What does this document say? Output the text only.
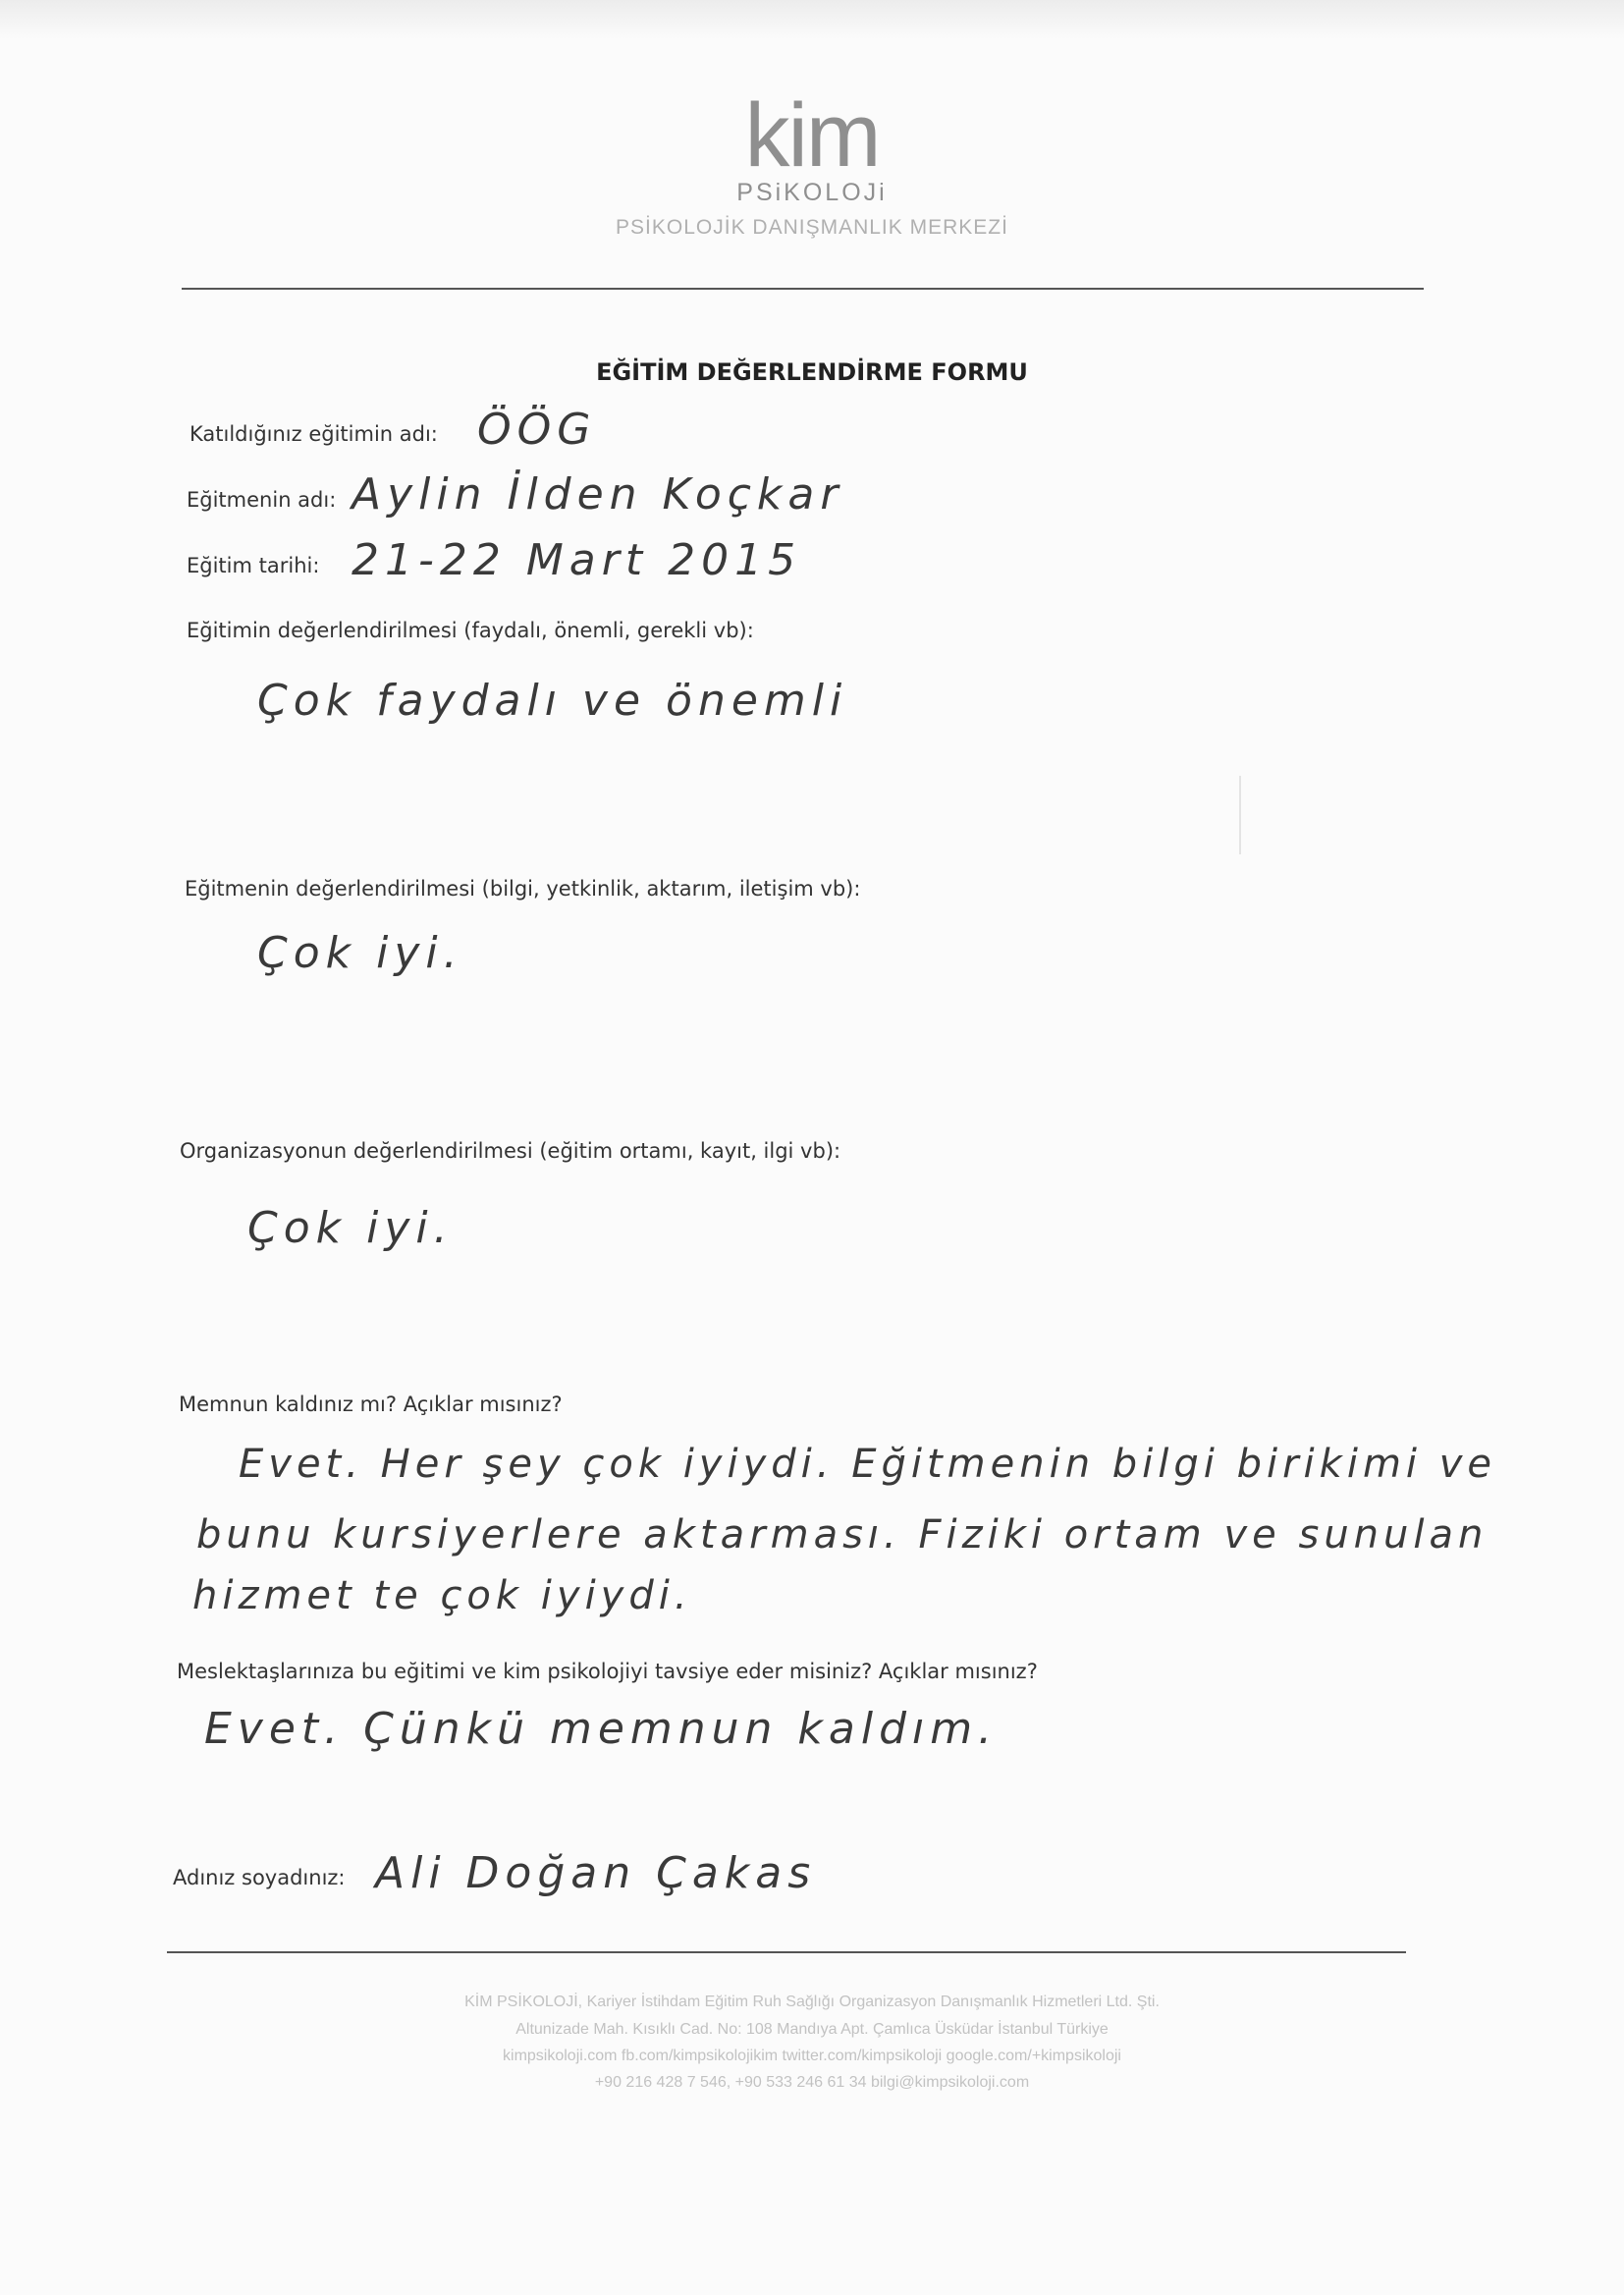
kim
PSiKOLOJi
PSİKOLOJİK DANIŞMANLIK MERKEZİ
EĞİTİM DEĞERLENDİRME FORMU
Katıldığınız eğitimin adı: ÖÖG
Eğitmenin adı: Aylin İlden Koçkar
Eğitim tarihi: 21-22 Mart 2015
Eğitimin değerlendirilmesi (faydalı, önemli, gerekli vb):
Çok faydalı ve önemli
Eğitmenin değerlendirilmesi (bilgi, yetkinlik, aktarım, iletişim vb):
Çok iyi.
Organizasyonun değerlendirilmesi (eğitim ortamı, kayıt, ilgi vb):
Çok iyi.
Memnun kaldınız mı? Açıklar mısınız?
Evet. Her şey çok iyiydi. Eğitmenin bilgi birikimi ve
bunu kursiyerlere aktarması. Fiziki ortam ve sunulan
hizmet te çok iyiydi.
Meslektaşlarınıza bu eğitimi ve kim psikolojiyi tavsiye eder misiniz? Açıklar mısınız?
Evet. Çünkü memnun kaldım.
Adınız soyadınız: Ali Doğan Çakas
KİM PSİKOLOJİ, Kariyer İstihdam Eğitim Ruh Sağlığı Organizasyon Danışmanlık Hizmetleri Ltd. Şti.
Altunizade Mah. Kısıklı Cad. No: 108 Mandıya Apt. Çamlıca Üsküdar İstanbul Türkiye
kimpsikoloji.com fb.com/kimpsikolojikim twitter.com/kimpsikoloji google.com/+kimpsikoloji
+90 216 428 7 546, +90 533 246 61 34 bilgi@kimpsikoloji.com
